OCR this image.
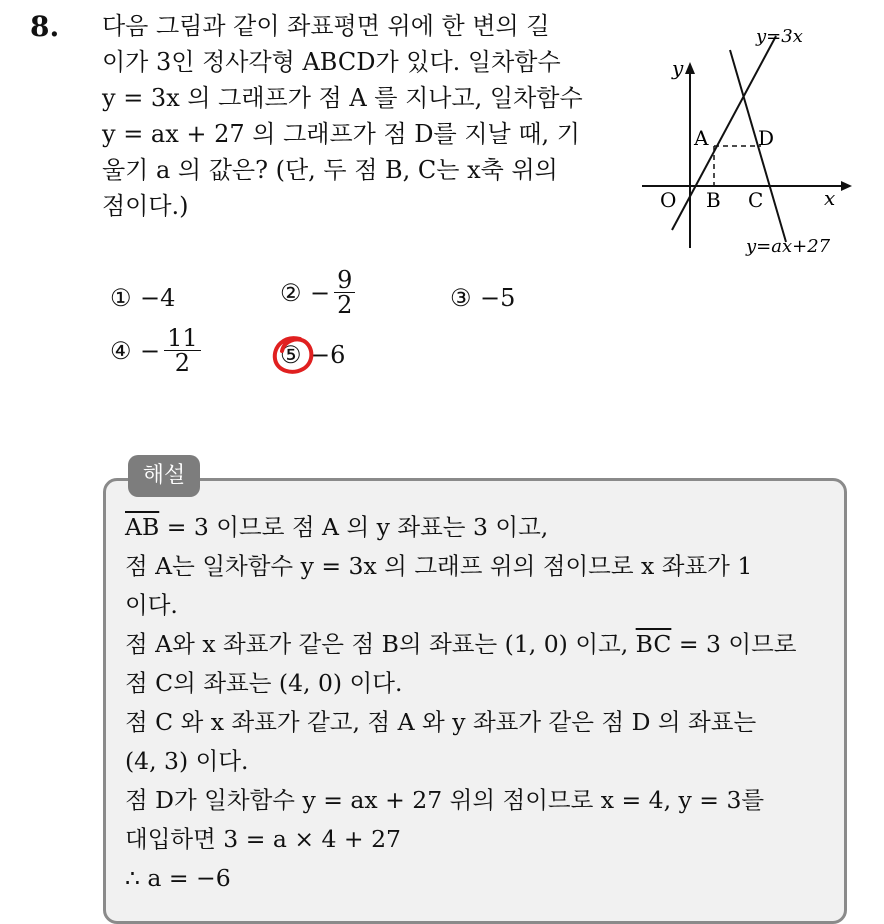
8. 다음 그림과 같이 좌표평면 위에 한 변의 길
이가 3인 정사각형 ABCD가 있다. 일차함수
y = 3x 의 그래프가 점 A 를 지나고, 일차함수
y = ax + 27 의 그래프가 점 D를 지날 때, 기
울기 a 의 값은? (단, 두 점 B, C는 x축 위의
점이다.)
y=3x
y
x
A D
O B C
y=ax+27
① −4	② − $\frac{9}{2}$	③ −5
④ − $\frac{11}{2}$	⑤ −6
해설
$\overline{AB} = 3$ 이므로 점 A 의 y 좌표는 3 이고,
점 A는 일차함수 y = 3x 의 그래프 위의 점이므로 x 좌표가 1
이다.
점 A와 x 좌표가 같은 점 B의 좌표는 (1, 0) 이고, $\overline{BC} = 3$ 이므로
점 C의 좌표는 (4, 0) 이다.
점 C 와 x 좌표가 같고, 점 A 와 y 좌표가 같은 점 D 의 좌표는
(4, 3) 이다.
점 D가 일차함수 y = ax + 27 위의 점이므로 x = 4, y = 3를
대입하면 3 = a × 4 + 27
∴ a = −6
